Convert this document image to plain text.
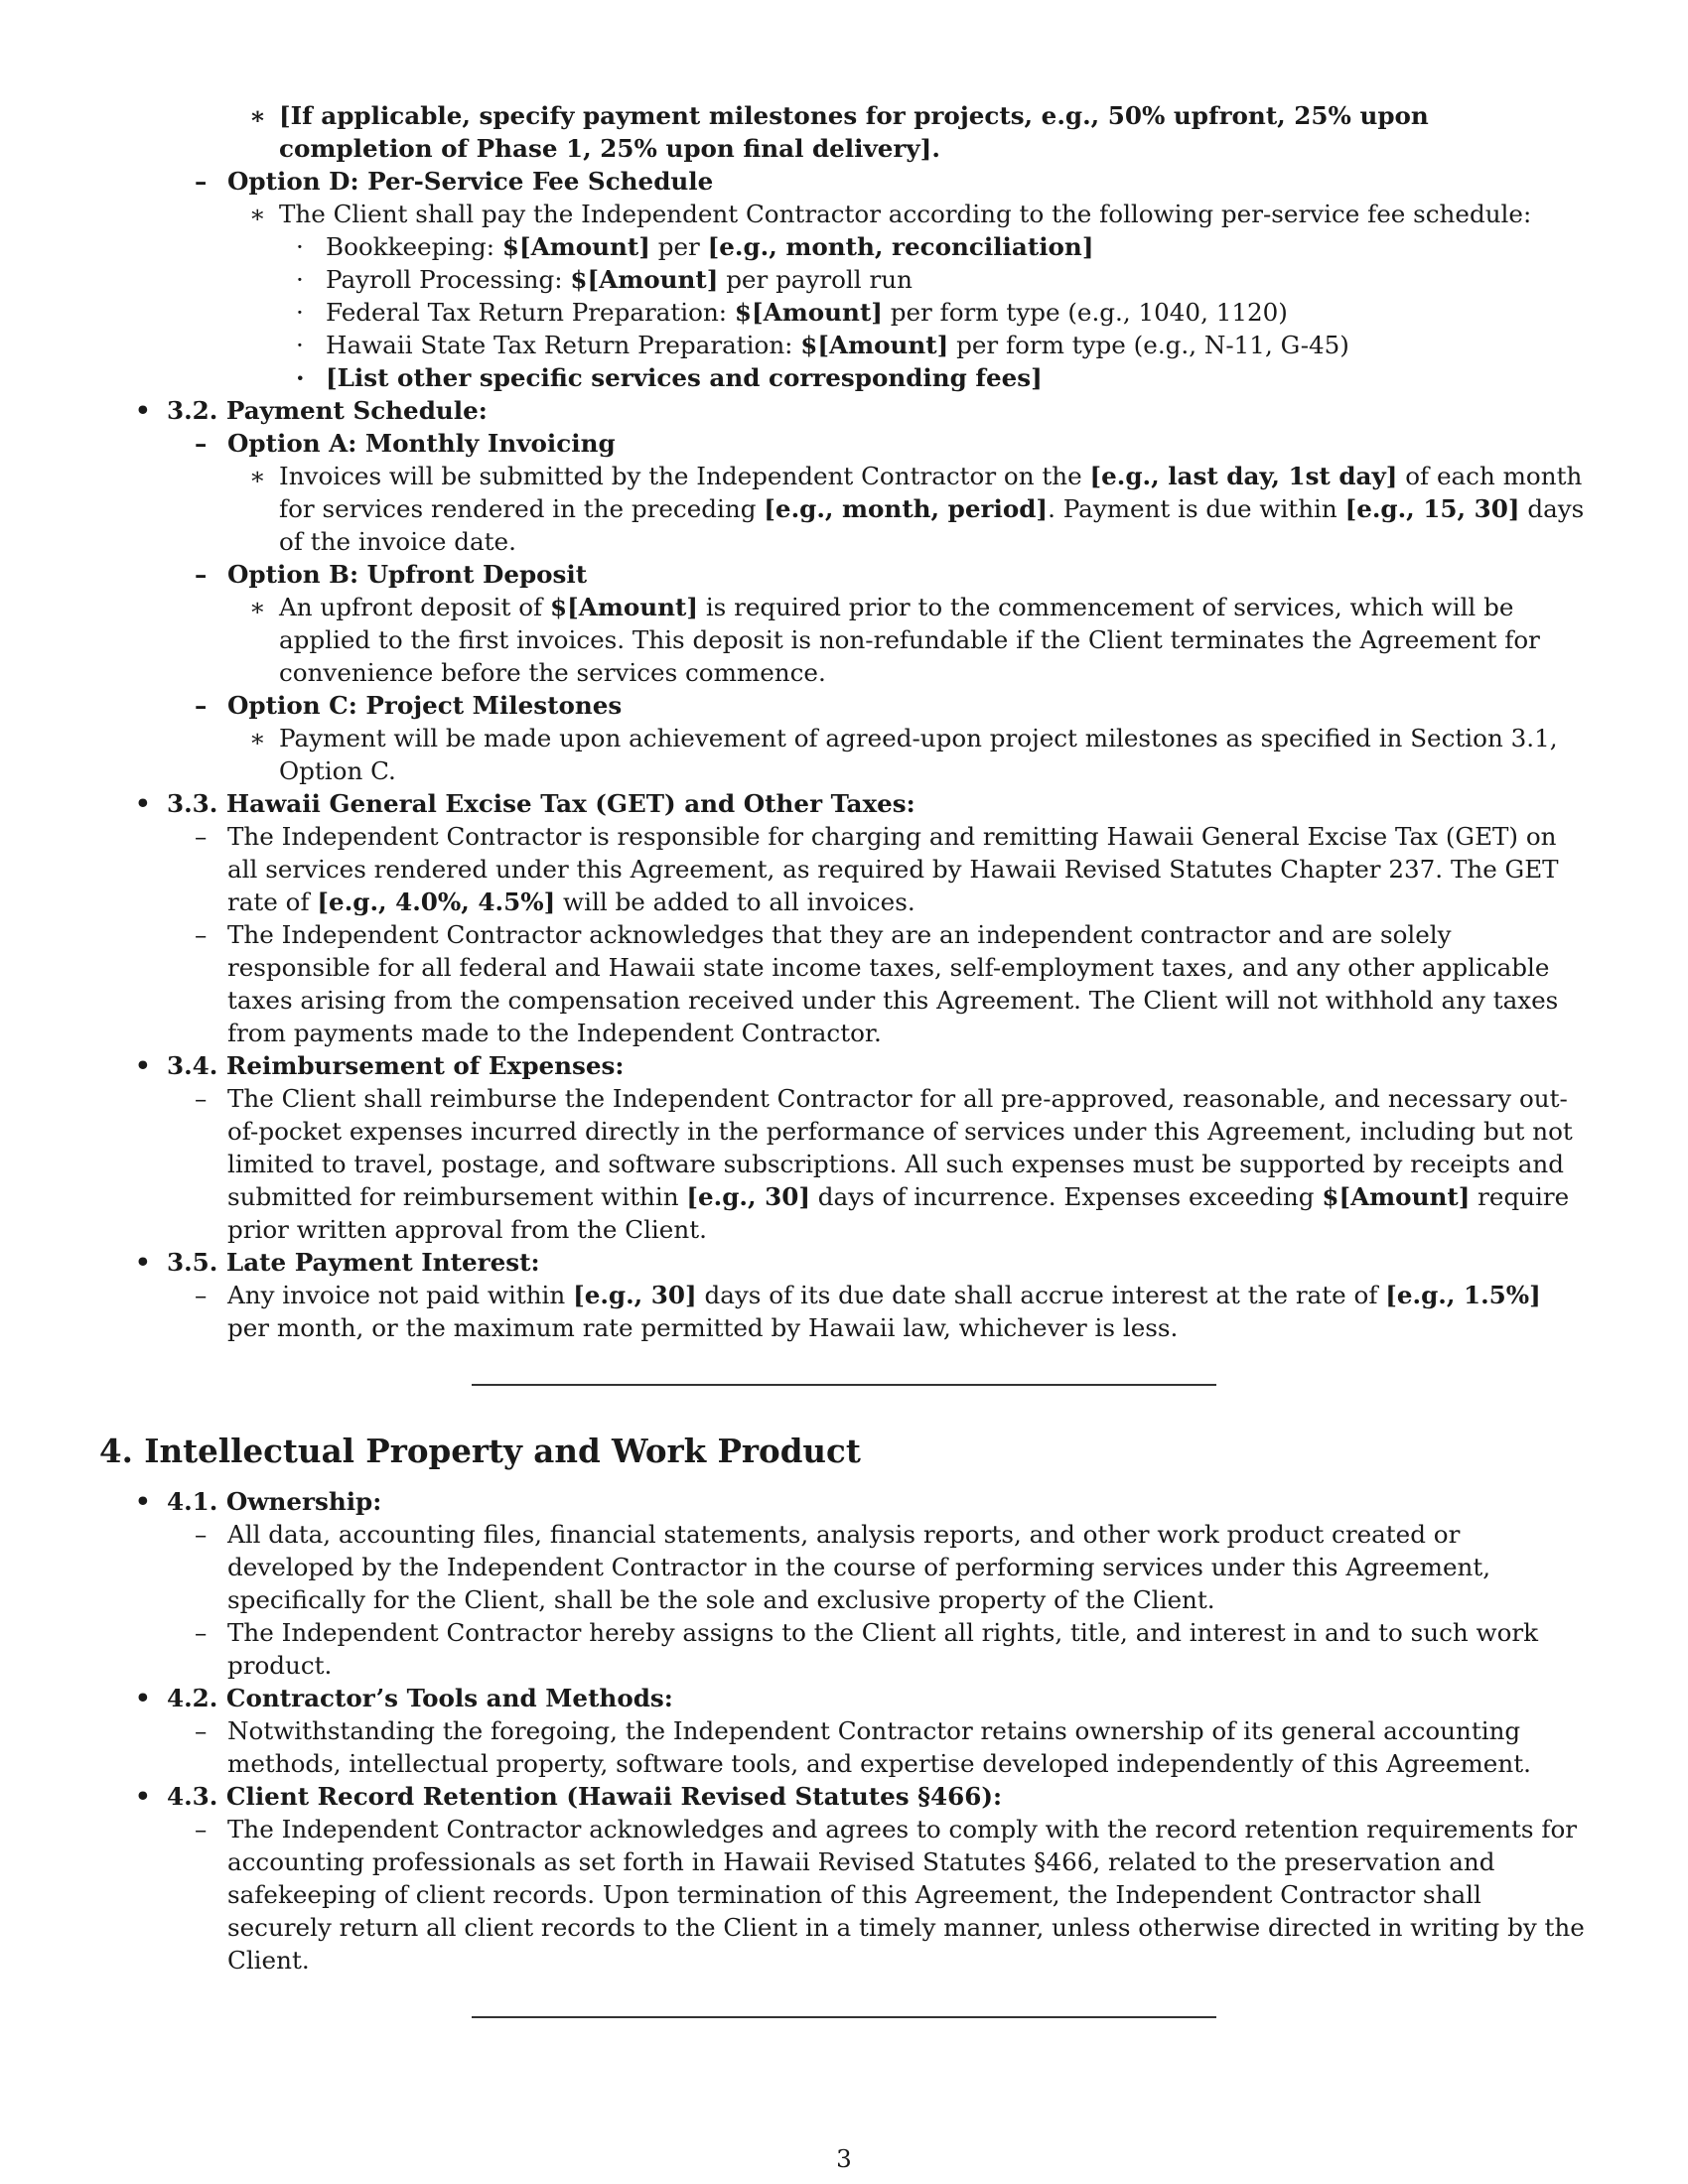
∗ [If applicable, specify payment milestones for projects, e.g., 50% upfront, 25% upon completion of Phase 1, 25% upon final delivery].

– Option D: Per-Service Fee Schedule

∗ The Client shall pay the Independent Contractor according to the following per-service fee schedule:

· Bookkeeping: $[Amount] per [e.g., month, reconciliation]

· Payroll Processing: $[Amount] per payroll run

· Federal Tax Return Preparation: $[Amount] per form type (e.g., 1040, 1120)

· Hawaii State Tax Return Preparation: $[Amount] per form type (e.g., N-11, G-45)

· [List other specific services and corresponding fees]

• 3.2. Payment Schedule:

– Option A: Monthly Invoicing

∗ Invoices will be submitted by the Independent Contractor on the [e.g., last day, 1st day] of each month for services rendered in the preceding [e.g., month, period]. Payment is due within [e.g., 15, 30] days of the invoice date.

– Option B: Upfront Deposit

∗ An upfront deposit of $[Amount] is required prior to the commencement of services, which will be applied to the first invoices. This deposit is non-refundable if the Client terminates the Agreement for convenience before the services commence.

– Option C: Project Milestones

∗ Payment will be made upon achievement of agreed-upon project milestones as specified in Section 3.1, Option C.

• 3.3. Hawaii General Excise Tax (GET) and Other Taxes:

– The Independent Contractor is responsible for charging and remitting Hawaii General Excise Tax (GET) on all services rendered under this Agreement, as required by Hawaii Revised Statutes Chapter 237. The GET rate of [e.g., 4.0%, 4.5%] will be added to all invoices.

– The Independent Contractor acknowledges that they are an independent contractor and are solely responsible for all federal and Hawaii state income taxes, self-employment taxes, and any other applicable taxes arising from the compensation received under this Agreement. The Client will not withhold any taxes from payments made to the Independent Contractor.

• 3.4. Reimbursement of Expenses:

– The Client shall reimburse the Independent Contractor for all pre-approved, reasonable, and necessary out-of-pocket expenses incurred directly in the performance of services under this Agreement, including but not limited to travel, postage, and software subscriptions. All such expenses must be supported by receipts and submitted for reimbursement within [e.g., 30] days of incurrence. Expenses exceeding $[Amount] require prior written approval from the Client.

• 3.5. Late Payment Interest:

– Any invoice not paid within [e.g., 30] days of its due date shall accrue interest at the rate of [e.g., 1.5%] per month, or the maximum rate permitted by Hawaii law, whichever is less.

4. Intellectual Property and Work Product

• 4.1. Ownership:

– All data, accounting files, financial statements, analysis reports, and other work product created or developed by the Independent Contractor in the course of performing services under this Agreement, specifically for the Client, shall be the sole and exclusive property of the Client.

– The Independent Contractor hereby assigns to the Client all rights, title, and interest in and to such work product.

• 4.2. Contractor’s Tools and Methods:

– Notwithstanding the foregoing, the Independent Contractor retains ownership of its general accounting methods, intellectual property, software tools, and expertise developed independently of this Agreement.

• 4.3. Client Record Retention (Hawaii Revised Statutes §466):

– The Independent Contractor acknowledges and agrees to comply with the record retention requirements for accounting professionals as set forth in Hawaii Revised Statutes §466, related to the preservation and safekeeping of client records. Upon termination of this Agreement, the Independent Contractor shall securely return all client records to the Client in a timely manner, unless otherwise directed in writing by the Client.

3
